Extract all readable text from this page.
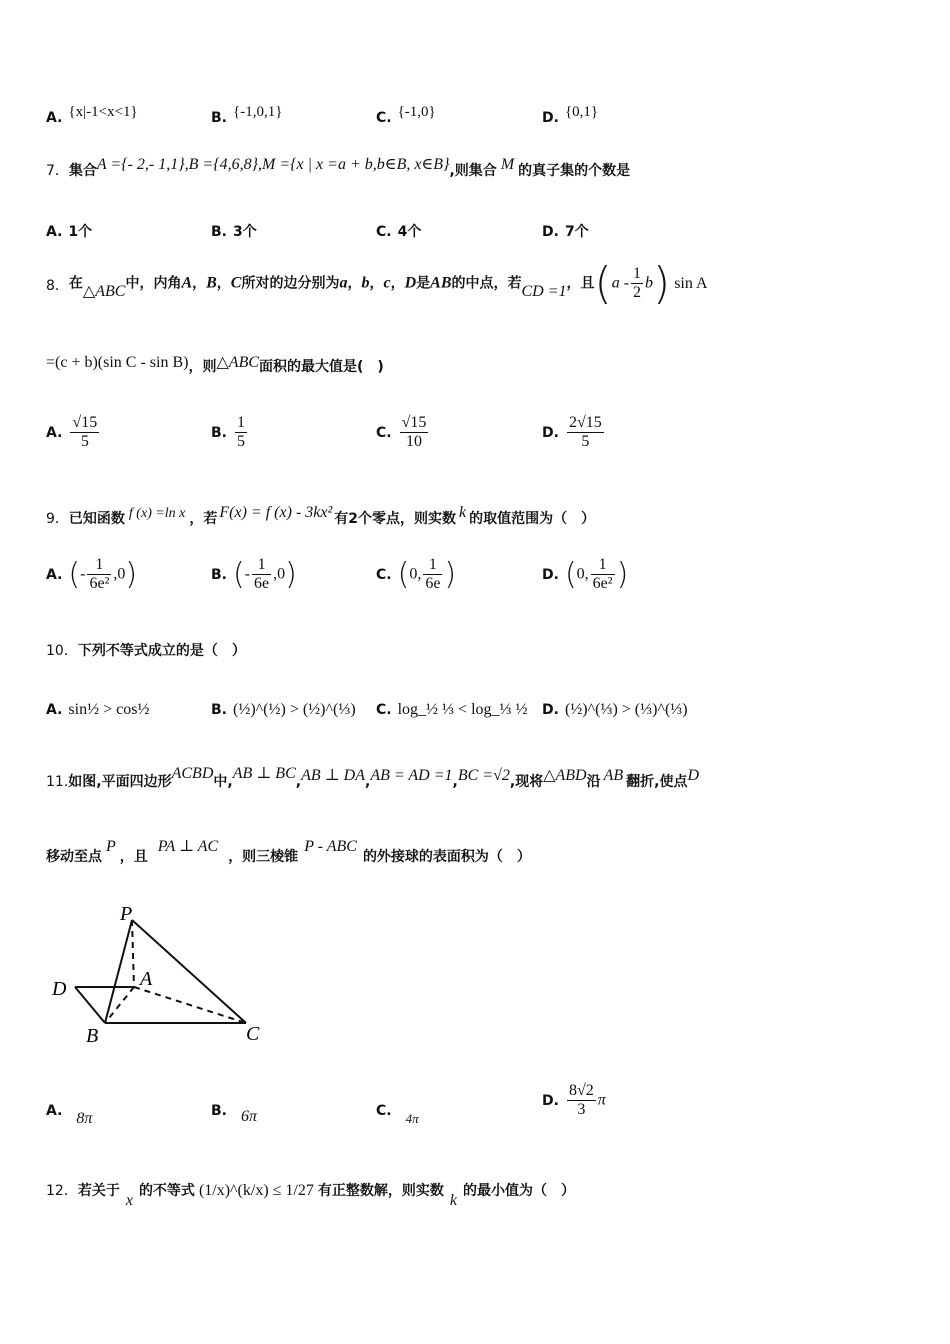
A. {x|-1<x<1}	B. {-1,0,1}	C. {-1,0}	D. {0,1}
7．集合A ={- 2,- 1,1},B ={4,6,8},M ={x | x =a + b,b∈B, x∈B},则集合 M 的真子集的个数是
A. 1个	B. 3个	C. 4个	D. 7个
8．在△ABC中，内角A，B，C所对的边分别为a，b，c，D是AB的中点，若CD =1，且$(a - \frac{1}{2} b)$ sin A
=(c + b)(sin C - sin B)，则△ABC面积的最大值是(　)
A. $\frac{√15}{5}$	B. $\frac{1}{5}$	C. $\frac{√15}{10}$	D. $\frac{2√15}{5}$
9．已知函数 f (x) =ln x ，若 F(x) = f (x) - 3kx² 有2个零点，则实数 k 的取值范围为（　）
A. (- $\frac{1}{\text{6e²}} ,0$)	B. (- $\frac{1}{6e} ,0$)	C. (0, $\frac{1}{6e}$ )	D. (0, $\frac{1}{\text{6e²}}$ )
10．下列不等式成立的是（　）
A. sin½ > cos½	B. (½)^(½) > (½)^(⅓) C. log_½ ⅓ < log_⅓ ½ D. (½)^(⅓) > (⅓)^(⅓)
11.如图,平面四边形ACBD中,AB ⊥ BC,AB ⊥ DA,AB = AD =1,BC =√2,现将△ABD沿 AB 翻折,使点D
移动至点P，且PA ⊥ AC，则三棱锥P - ABC的外接球的表面积为（　）
P
A
B	C
D
A. 8π	B. 6π	C. 4π
D. $\frac{8√2}{3}$ π
12．若关于x的不等式 (1/x)^(k/x) ≤ 1/27 有正整数解，则实数k的最小值为（　）
